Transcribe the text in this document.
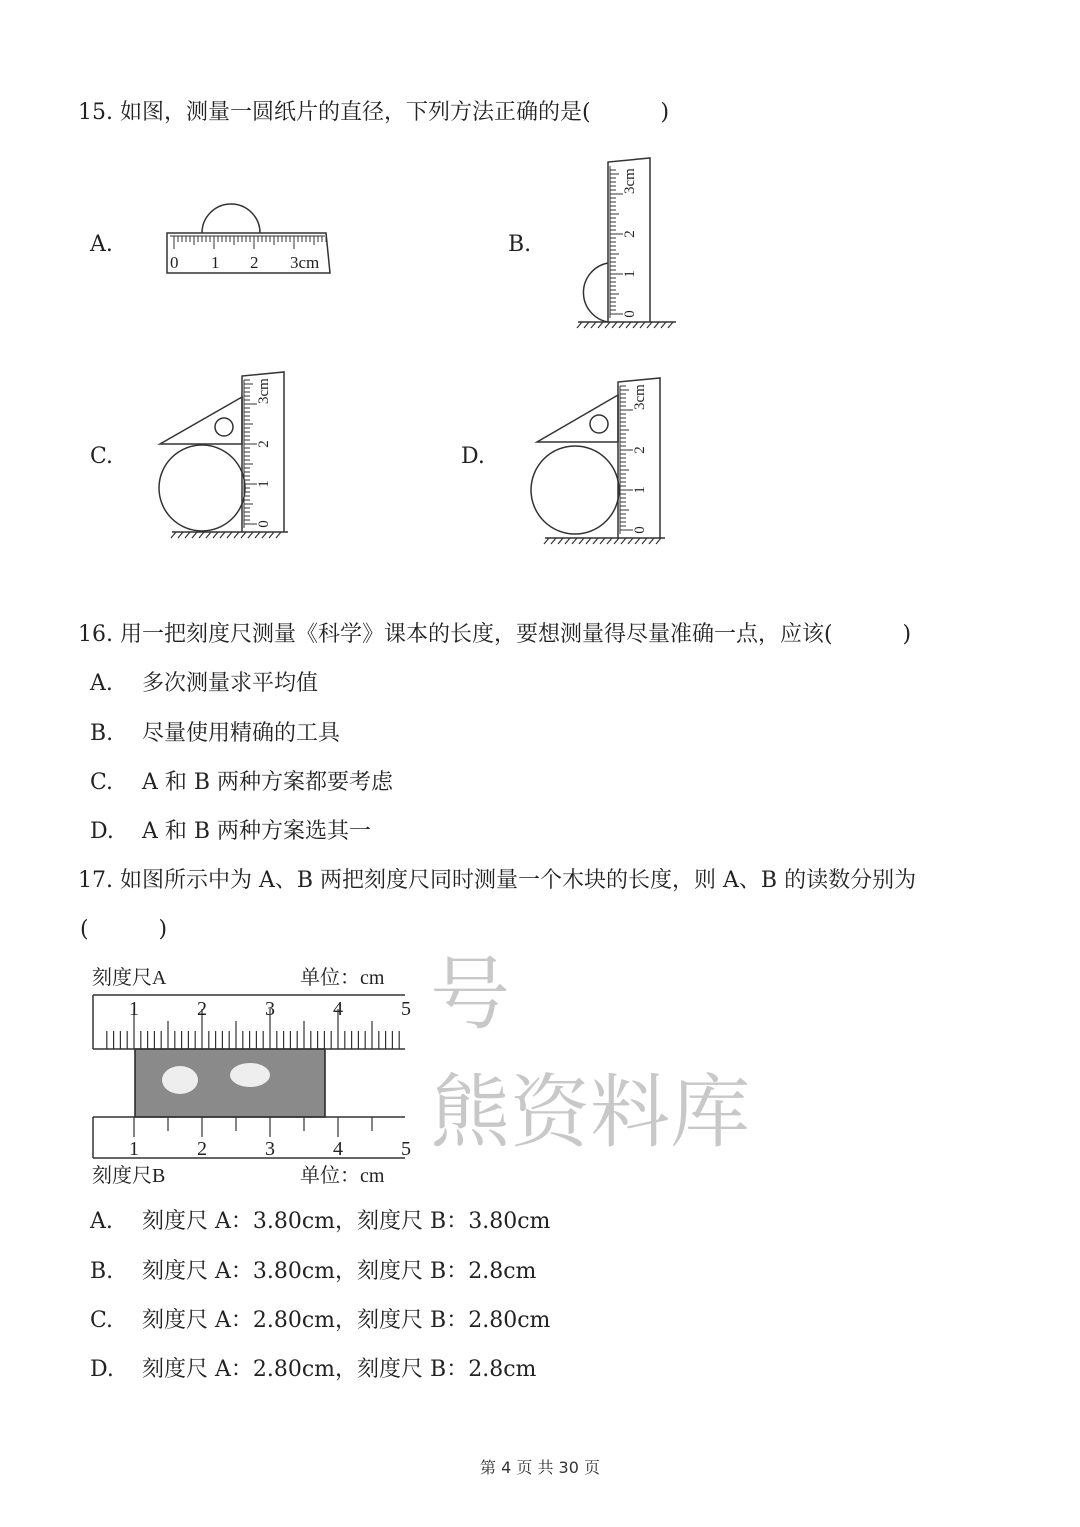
号
熊资料库
0 1 2 3cm
0
1
2
3cm
0
1
2
3cm
0
1
2
3cm
刻度尺A	单位：cm
刻度尺B	单位：cm
1
1
2
2
3
3
4
4
5
5
15. 如图，测量一圆纸片的直径，下列方法正确的是(          )
A.	B.
C.	D.
16. 用一把刻度尺测量《科学》课本的长度，要想测量得尽量准确一点，应该(          )
A. 多次测量求平均值
B. 尽量使用精确的工具
C. A 和 B 两种方案都要考虑
D. A 和 B 两种方案选其一
17. 如图所示中为 A、B 两把刻度尺同时测量一个木块的长度，则 A、B 的读数分别为
(          )
A. 刻度尺 A：3.80cm，刻度尺 B：3.80cm
B. 刻度尺 A：3.80cm，刻度尺 B：2.8cm
C. 刻度尺 A：2.80cm，刻度尺 B：2.80cm
D. 刻度尺 A：2.80cm，刻度尺 B：2.8cm
第 4 页 共 30 页
